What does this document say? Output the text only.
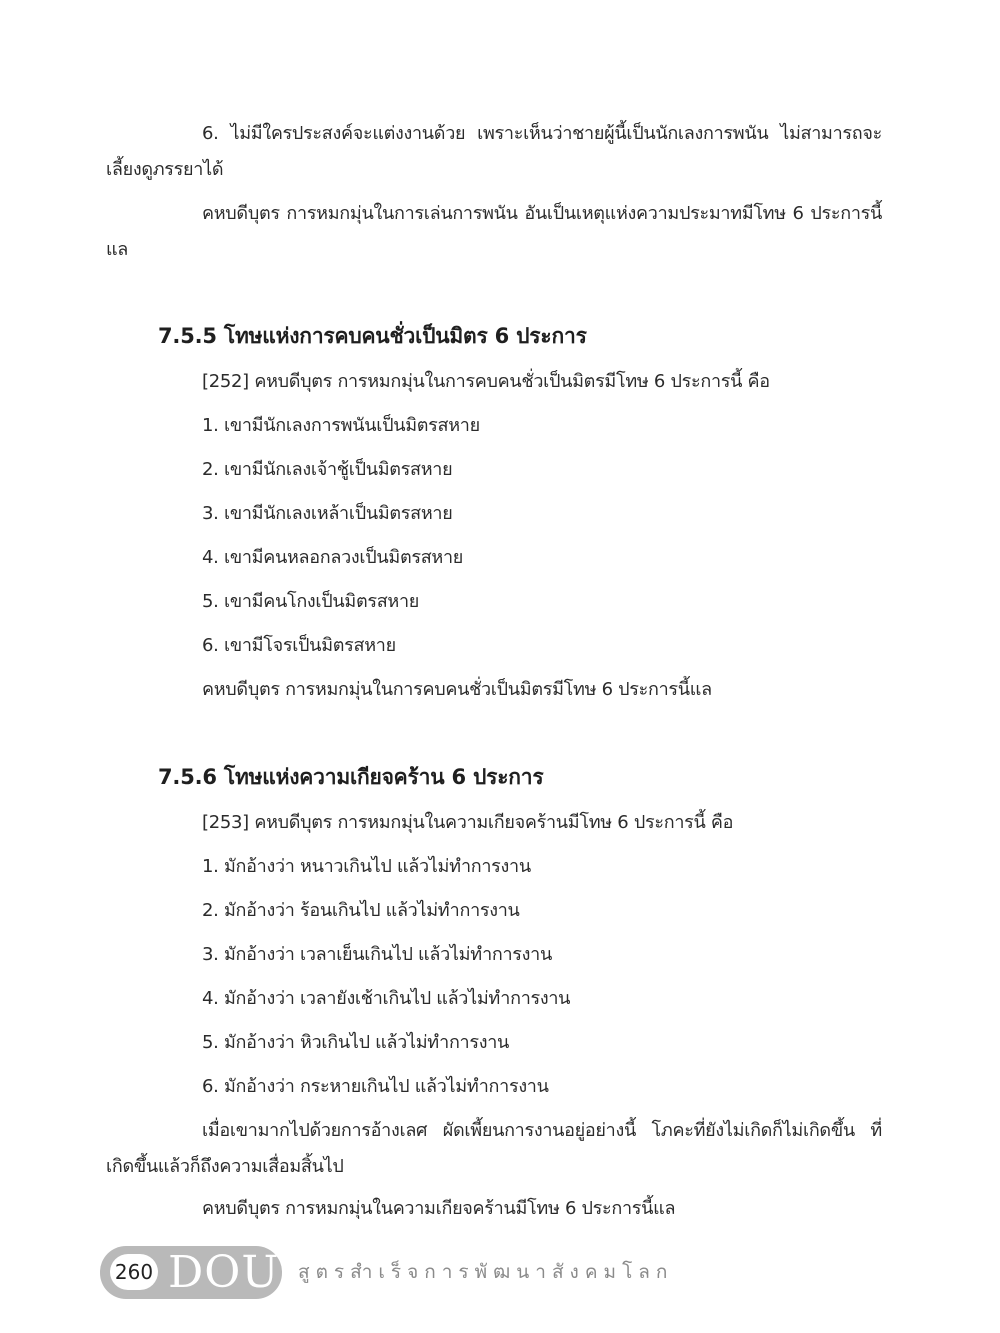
6. ไม่มีใครประสงค์จะแต่งงานด้วย เพราะเห็นว่าชายผู้นี้เป็นนักเลงการพนัน ไม่สามารถจะ
เลี้ยงดูภรรยาได้
คหบดีบุตร การหมกมุ่นในการเล่นการพนัน อันเป็นเหตุแห่งความประมาทมีโทษ 6 ประการนี้
แล
7.5.5 โทษแห่งการคบคนชั่วเป็นมิตร 6 ประการ
[252] คหบดีบุตร การหมกมุ่นในการคบคนชั่วเป็นมิตรมีโทษ 6 ประการนี้ คือ
1. เขามีนักเลงการพนันเป็นมิตรสหาย
2. เขามีนักเลงเจ้าชู้เป็นมิตรสหาย
3. เขามีนักเลงเหล้าเป็นมิตรสหาย
4. เขามีคนหลอกลวงเป็นมิตรสหาย
5. เขามีคนโกงเป็นมิตรสหาย
6. เขามีโจรเป็นมิตรสหาย
คหบดีบุตร การหมกมุ่นในการคบคนชั่วเป็นมิตรมีโทษ 6 ประการนี้แล
7.5.6 โทษแห่งความเกียจคร้าน 6 ประการ
[253] คหบดีบุตร การหมกมุ่นในความเกียจคร้านมีโทษ 6 ประการนี้ คือ
1. มักอ้างว่า หนาวเกินไป แล้วไม่ทำการงาน
2. มักอ้างว่า ร้อนเกินไป แล้วไม่ทำการงาน
3. มักอ้างว่า เวลาเย็นเกินไป แล้วไม่ทำการงาน
4. มักอ้างว่า เวลายังเช้าเกินไป แล้วไม่ทำการงาน
5. มักอ้างว่า หิวเกินไป แล้วไม่ทำการงาน
6. มักอ้างว่า กระหายเกินไป แล้วไม่ทำการงาน
เมื่อเขามากไปด้วยการอ้างเลศ ผัดเพี้ยนการงานอยู่อย่างนี้ โภคะที่ยังไม่เกิดก็ไม่เกิดขึ้น ที่
เกิดขึ้นแล้วก็ถึงความเสื่อมสิ้นไป
คหบดีบุตร การหมกมุ่นในความเกียจคร้านมีโทษ 6 ประการนี้แล
260 DOU สูตรสำเร็จการพัฒนาสังคมโลก
